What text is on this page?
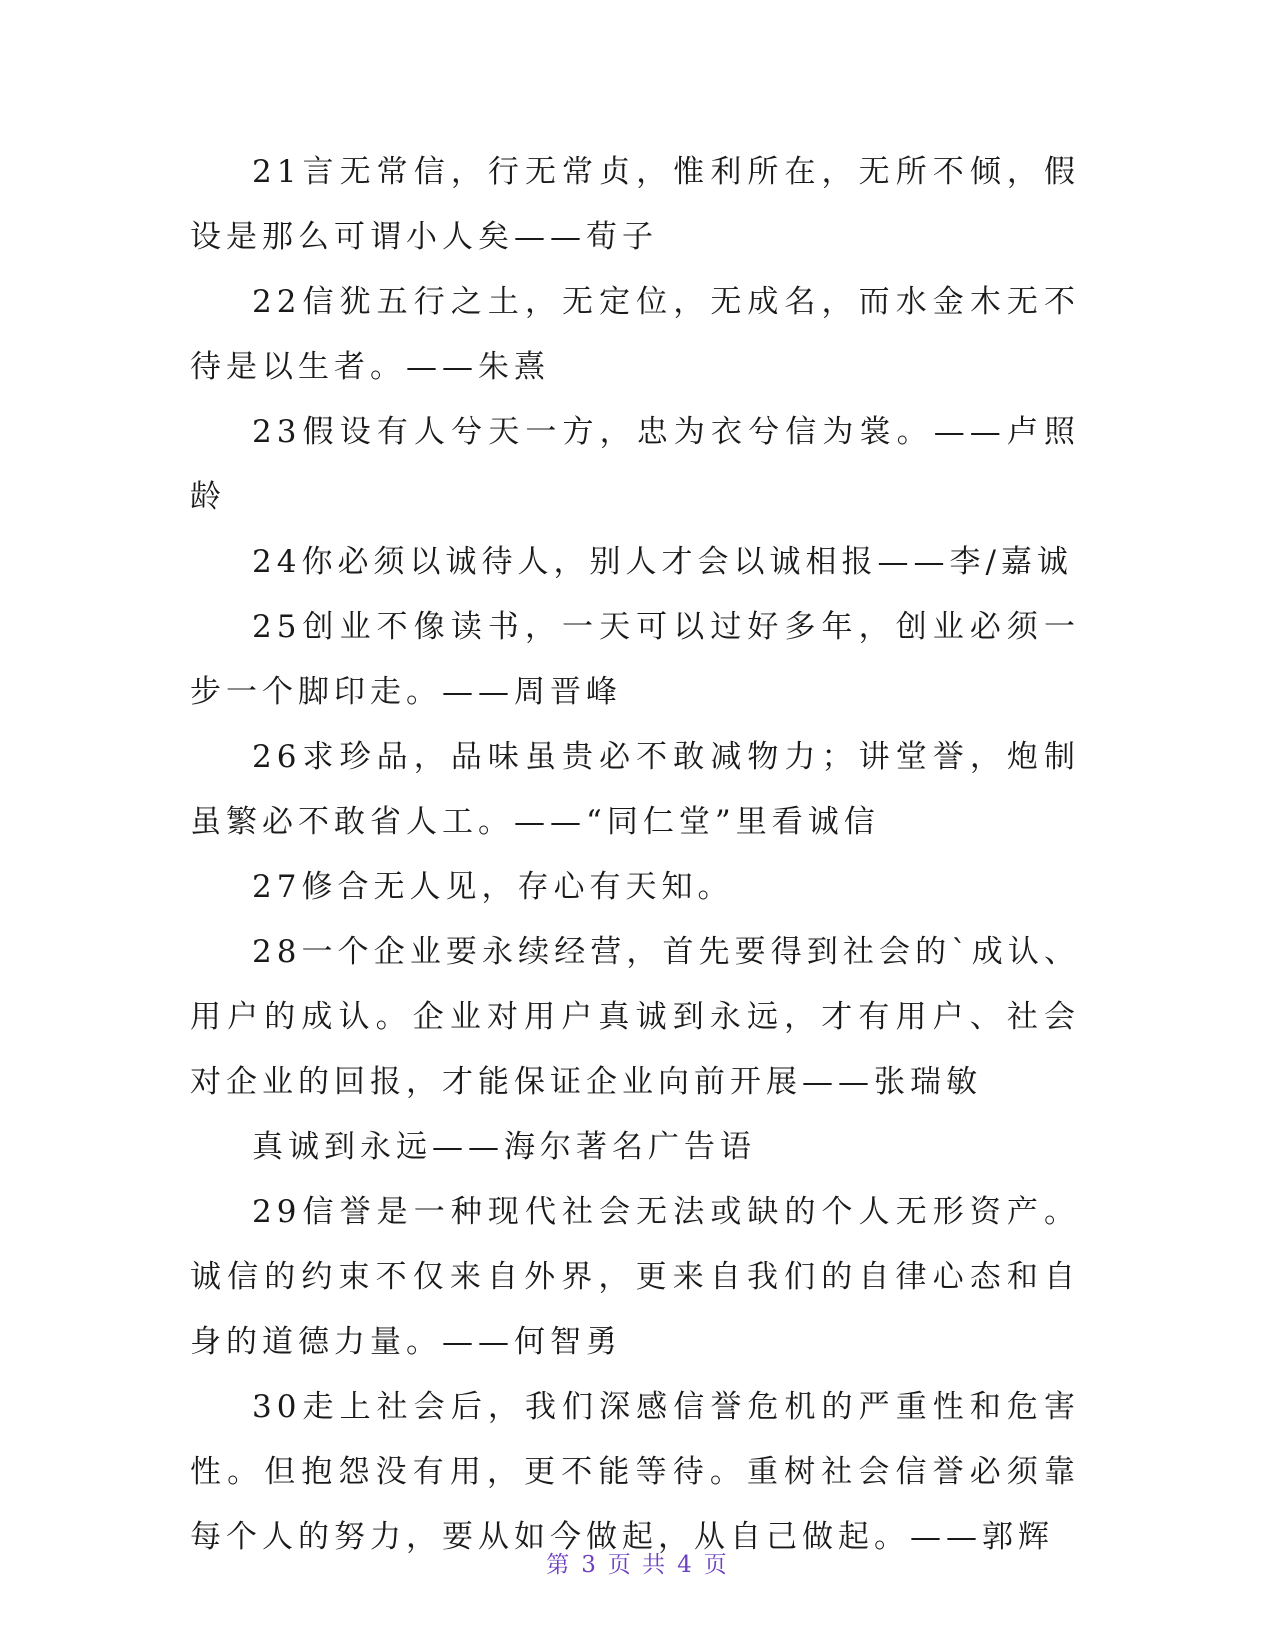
21言无常信，行无常贞，惟利所在，无所不倾，假设是那么可谓小人矣——荀子

22信犹五行之土，无定位，无成名，而水金木无不待是以生者。——朱熹

23假设有人兮天一方，忠为衣兮信为裳。——卢照龄

24你必须以诚待人，别人才会以诚相报——李/嘉诚

25创业不像读书，一天可以过好多年，创业必须一步一个脚印走。——周晋峰

26求珍品，品味虽贵必不敢减物力；讲堂誉，炮制虽繁必不敢省人工。——“同仁堂”里看诚信

27修合无人见，存心有天知。

28一个企业要永续经营，首先要得到社会的`成认、用户的成认。企业对用户真诚到永远，才有用户、社会对企业的回报，才能保证企业向前开展——张瑞敏

真诚到永远——海尔著名广告语

29信誉是一种现代社会无法或缺的个人无形资产。诚信的约束不仅来自外界，更来自我们的自律心态和自身的道德力量。——何智勇

30走上社会后，我们深感信誉危机的严重性和危害性。但抱怨没有用，更不能等待。重树社会信誉必须靠每个人的努力，要从如今做起，从自己做起。——郭辉

第 3 页 共 4 页
